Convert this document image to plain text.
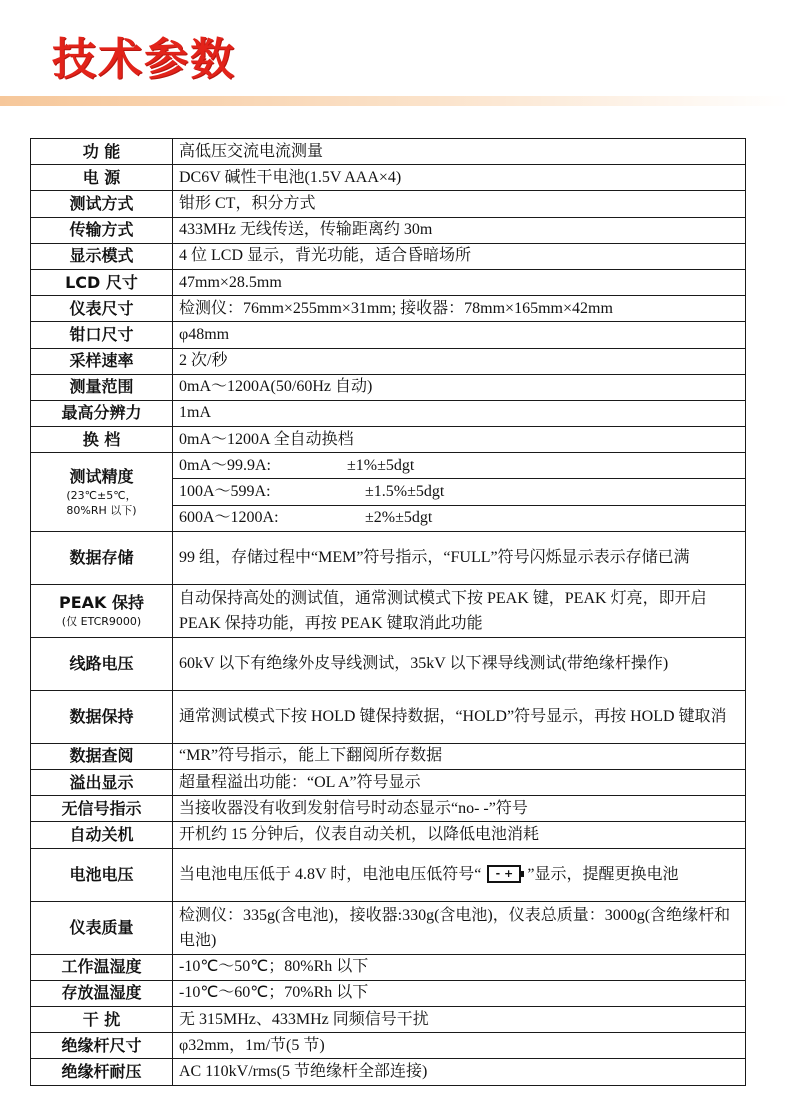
技术参数
功 能	高低压交流电流测量

电 源	DC6V 碱性干电池(1.5V AAA×4)

测试方式	钳形 CT，积分方式

传输方式	433MHz 无线传送，传输距离约 30m

显示模式	4 位 LCD 显示，背光功能，适合昏暗场所

LCD 尺寸	47mm×28.5mm

仪表尺寸	检测仪：76mm×255mm×31mm; 接收器：78mm×165mm×42mm

钳口尺寸	φ48mm

采样速率	2 次/秒

测量范围	0mA～1200A(50/60Hz 自动)

最高分辨力	1mA

换 档	0mA～1200A 全自动换档

测试精度
(23℃±5℃，
80%RH 以下)	0mA～99.9A: ±1%±5dgt
	100A～599A: ±1.5%±5dgt
	600A～1200A: ±2%±5dgt

数据存储	99 组，存储过程中“MEM”符号指示，“FULL”符号闪烁显示表示存储已满

PEAK 保持
(仅 ETCR9000)	自动保持高处的测试值，通常测试模式下按 PEAK 键，PEAK 灯亮，即开启 PEAK 保持功能，再按 PEAK 键取消此功能

线路电压	60kV 以下有绝缘外皮导线测试，35kV 以下裸导线测试(带绝缘杆操作)

数据保持	通常测试模式下按 HOLD 键保持数据，“HOLD”符号显示，再按 HOLD 键取消

数据查阅	“MR”符号指示，能上下翻阅所存数据

溢出显示	超量程溢出功能：“OL A”符号显示

无信号指示	当接收器没有收到发射信号时动态显示“no- -”符号

自动关机	开机约 15 分钟后，仪表自动关机，以降低电池消耗

电池电压	当电池电压低于 4.8V 时，电池电压低符号“ - + ”显示，提醒更换电池

仪表质量	检测仪：335g(含电池)，接收器:330g(含电池)，仪表总质量：3000g(含绝缘杆和电池)

工作温湿度	-10℃～50℃；80%Rh 以下

存放温湿度	-10℃～60℃；70%Rh 以下

干 扰	无 315MHz、433MHz 同频信号干扰

绝缘杆尺寸	φ32mm，1m/节(5 节)

绝缘杆耐压	AC 110kV/rms(5 节绝缘杆全部连接)
